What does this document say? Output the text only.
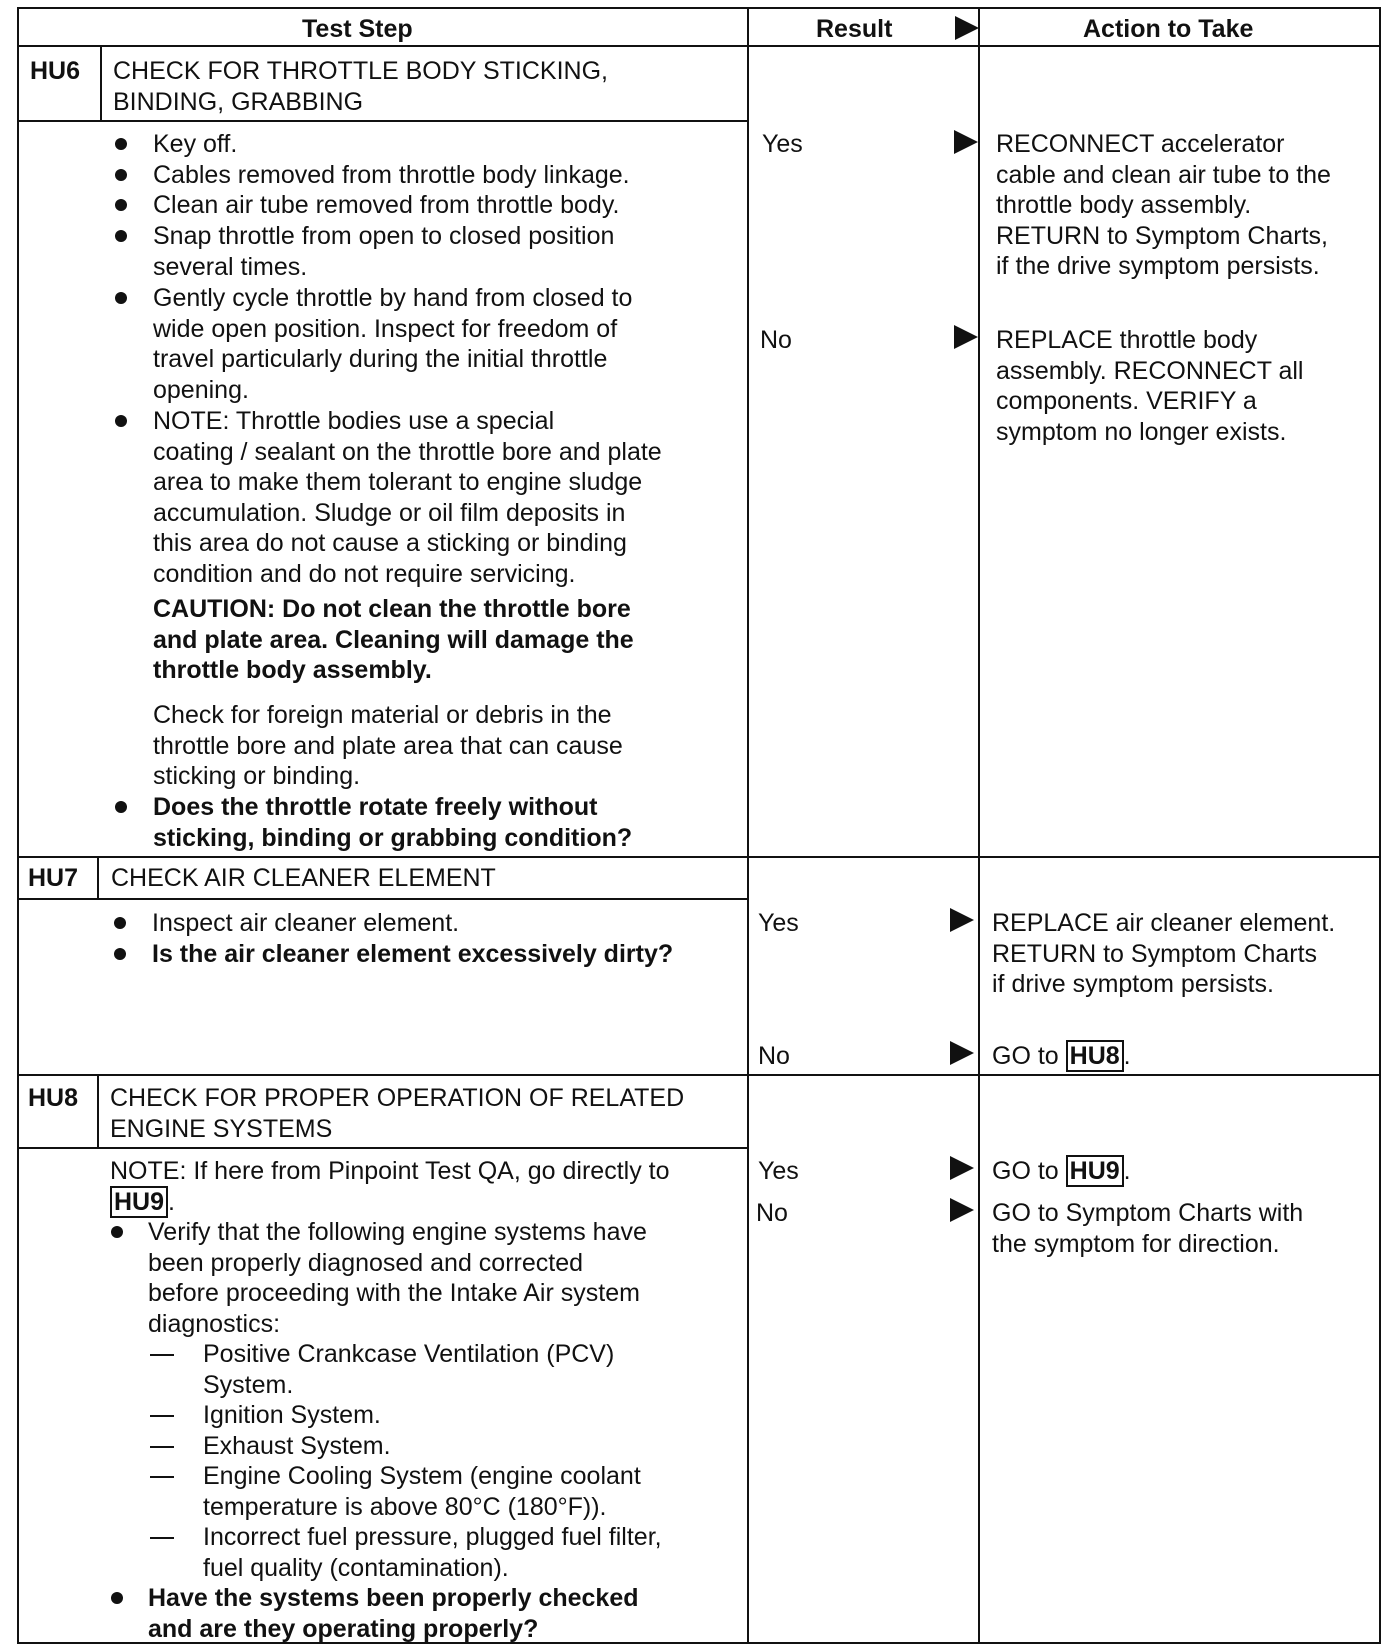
Test Step	Result	Action to Take
HU6 CHECK FOR THROTTLE BODY STICKING,
BINDING, GRABBING
Key off.
Cables removed from throttle body linkage.
Clean air tube removed from throttle body.
Snap throttle from open to closed position
several times.
Gently cycle throttle by hand from closed to
wide open position. Inspect for freedom of
travel particularly during the initial throttle
opening.
NOTE: Throttle bodies use a special
coating / sealant on the throttle bore and plate
area to make them tolerant to engine sludge
accumulation. Sludge or oil film deposits in
this area do not cause a sticking or binding
condition and do not require servicing.
CAUTION: Do not clean the throttle bore
and plate area. Cleaning will damage the
throttle body assembly.
Check for foreign material or debris in the
throttle bore and plate area that can cause
sticking or binding.
Does the throttle rotate freely without
sticking, binding or grabbing condition?
Yes	RECONNECT accelerator
cable and clean air tube to the
throttle body assembly.
RETURN to Symptom Charts,
if the drive symptom persists.
No	REPLACE throttle body
assembly. RECONNECT all
components. VERIFY a
symptom no longer exists.
HU7 CHECK AIR CLEANER ELEMENT
Inspect air cleaner element.
Is the air cleaner element excessively dirty?
Yes	REPLACE air cleaner element.
RETURN to Symptom Charts
if drive symptom persists.
No	GO to HU8 .
HU8 CHECK FOR PROPER OPERATION OF RELATED
ENGINE SYSTEMS
NOTE: If here from Pinpoint Test QA, go directly to
HU9 .
Verify that the following engine systems have
been properly diagnosed and corrected
before proceeding with the Intake Air system
diagnostics:
Positive Crankcase Ventilation (PCV)
System.
Ignition System.
Exhaust System.
Engine Cooling System (engine coolant
temperature is above 80°C (180°F)).
Incorrect fuel pressure, plugged fuel filter,
fuel quality (contamination).
Have the systems been properly checked
and are they operating properly?
Yes	GO to HU9 .
No	GO to Symptom Charts with
the symptom for direction.
